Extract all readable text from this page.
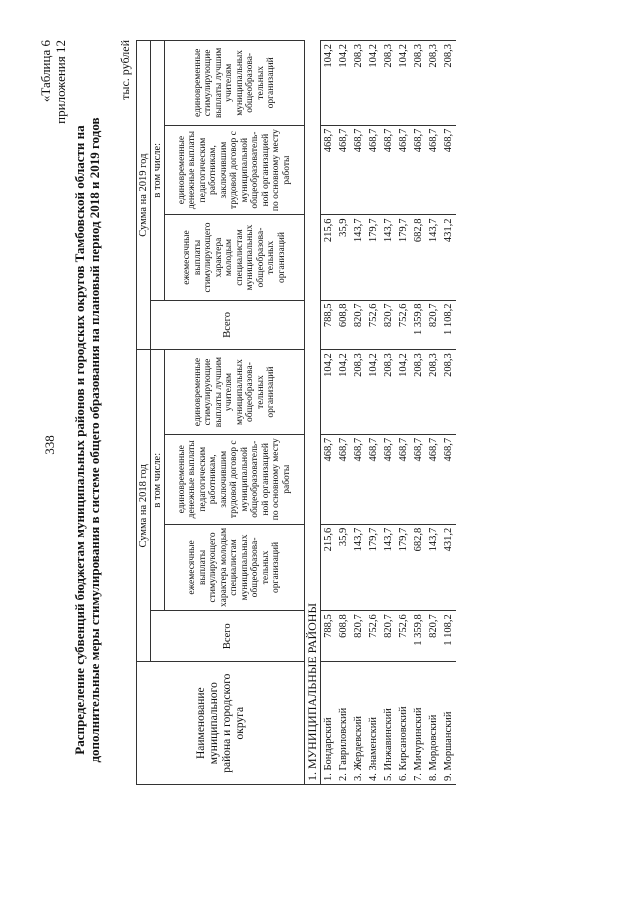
338
«Таблица 6 приложения 12
Распределение субвенций бюджетам муниципальных районов и городских округов Тамбовской области на дополнительные меры стимулирования в системе общего образования на плановый период 2018 и 2019 годов
тыс. рублей
Наименование муниципального района и городского округа	Сумма на 2018 год				Сумма на 2019 год			
	Всего	в том числе:			Всего	в том числе:		
		ежемесячные выплаты стимулирующего характера молодым специалистам муниципальных общеобразова-тельных организаций	единовременные денежные выплаты педагогическим работникам, заключившим трудовой договор с муниципальной общеобразователь-ной организацией по основному месту работы	единовременные стимулирующие выплаты лучшим учителям муниципальных общеобразова-тельных организаций		ежемесячные выплаты стимулирующего характера молодым специалистам муниципальных общеобразова-тельных организаций	единовременные денежные выплаты педагогическим работникам, заключившим трудовой договор с муниципальной общеобразователь-ной организацией по основному месту работы	единовременные стимулирующие выплаты лучшим учителям муниципальных общеобразова-тельных организаций
1. МУНИЦИПАЛЬНЫЕ РАЙОНЫ								
1. Бондарский	788,5	215,6	468,7	104,2	788,5	215,6	468,7	104,2
2. Гавриловский	608,8	35,9	468,7	104,2	608,8	35,9	468,7	104,2
3. Жердевский	820,7	143,7	468,7	208,3	820,7	143,7	468,7	208,3
4. Знаменский	752,6	179,7	468,7	104,2	752,6	179,7	468,7	104,2
5. Инжавинский	820,7	143,7	468,7	208,3	820,7	143,7	468,7	208,3
6. Кирсановский	752,6	179,7	468,7	104,2	752,6	179,7	468,7	104,2
7. Мичуринский	1 359,8	682,8	468,7	208,3	1 359,8	682,8	468,7	208,3
8. Мордовский	820,7	143,7	468,7	208,3	820,7	143,7	468,7	208,3
9. Моршанский	1 108,2	431,2	468,7	208,3	1 108,2	431,2	468,7	208,3
